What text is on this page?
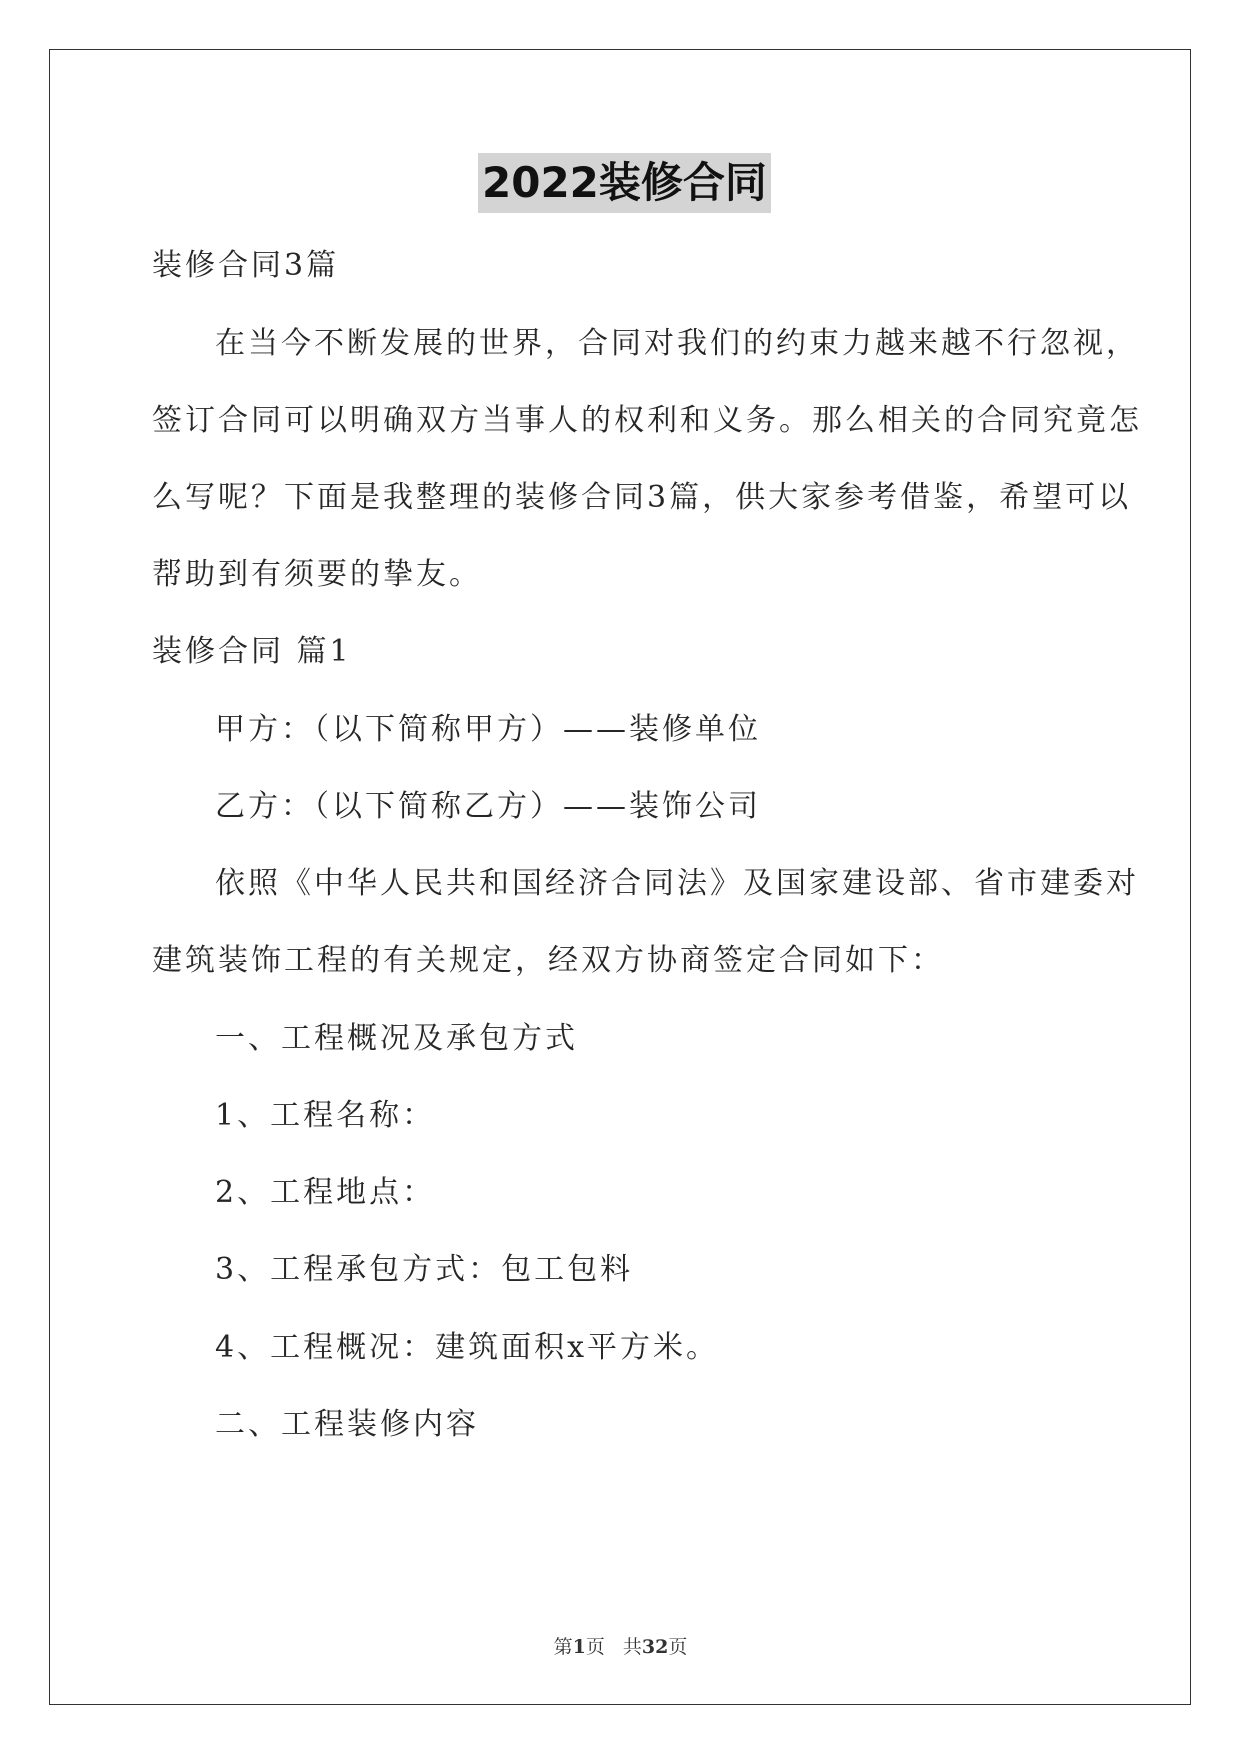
2022装修合同
装修合同3篇
在当今不断发展的世界，合同对我们的约束力越来越不行忽视，
签订合同可以明确双方当事人的权利和义务。那么相关的合同究竟怎
么写呢？下面是我整理的装修合同3篇，供大家参考借鉴，希望可以
帮助到有须要的挚友。
装修合同 篇1
甲方：（以下简称甲方）——装修单位
乙方：（以下简称乙方）——装饰公司
依照《中华人民共和国经济合同法》及国家建设部、省市建委对
建筑装饰工程的有关规定，经双方协商签定合同如下：
一、工程概况及承包方式
1、工程名称：
2、工程地点：
3、工程承包方式：包工包料
4、工程概况：建筑面积x平方米。
二、工程装修内容
第1页 共32页
